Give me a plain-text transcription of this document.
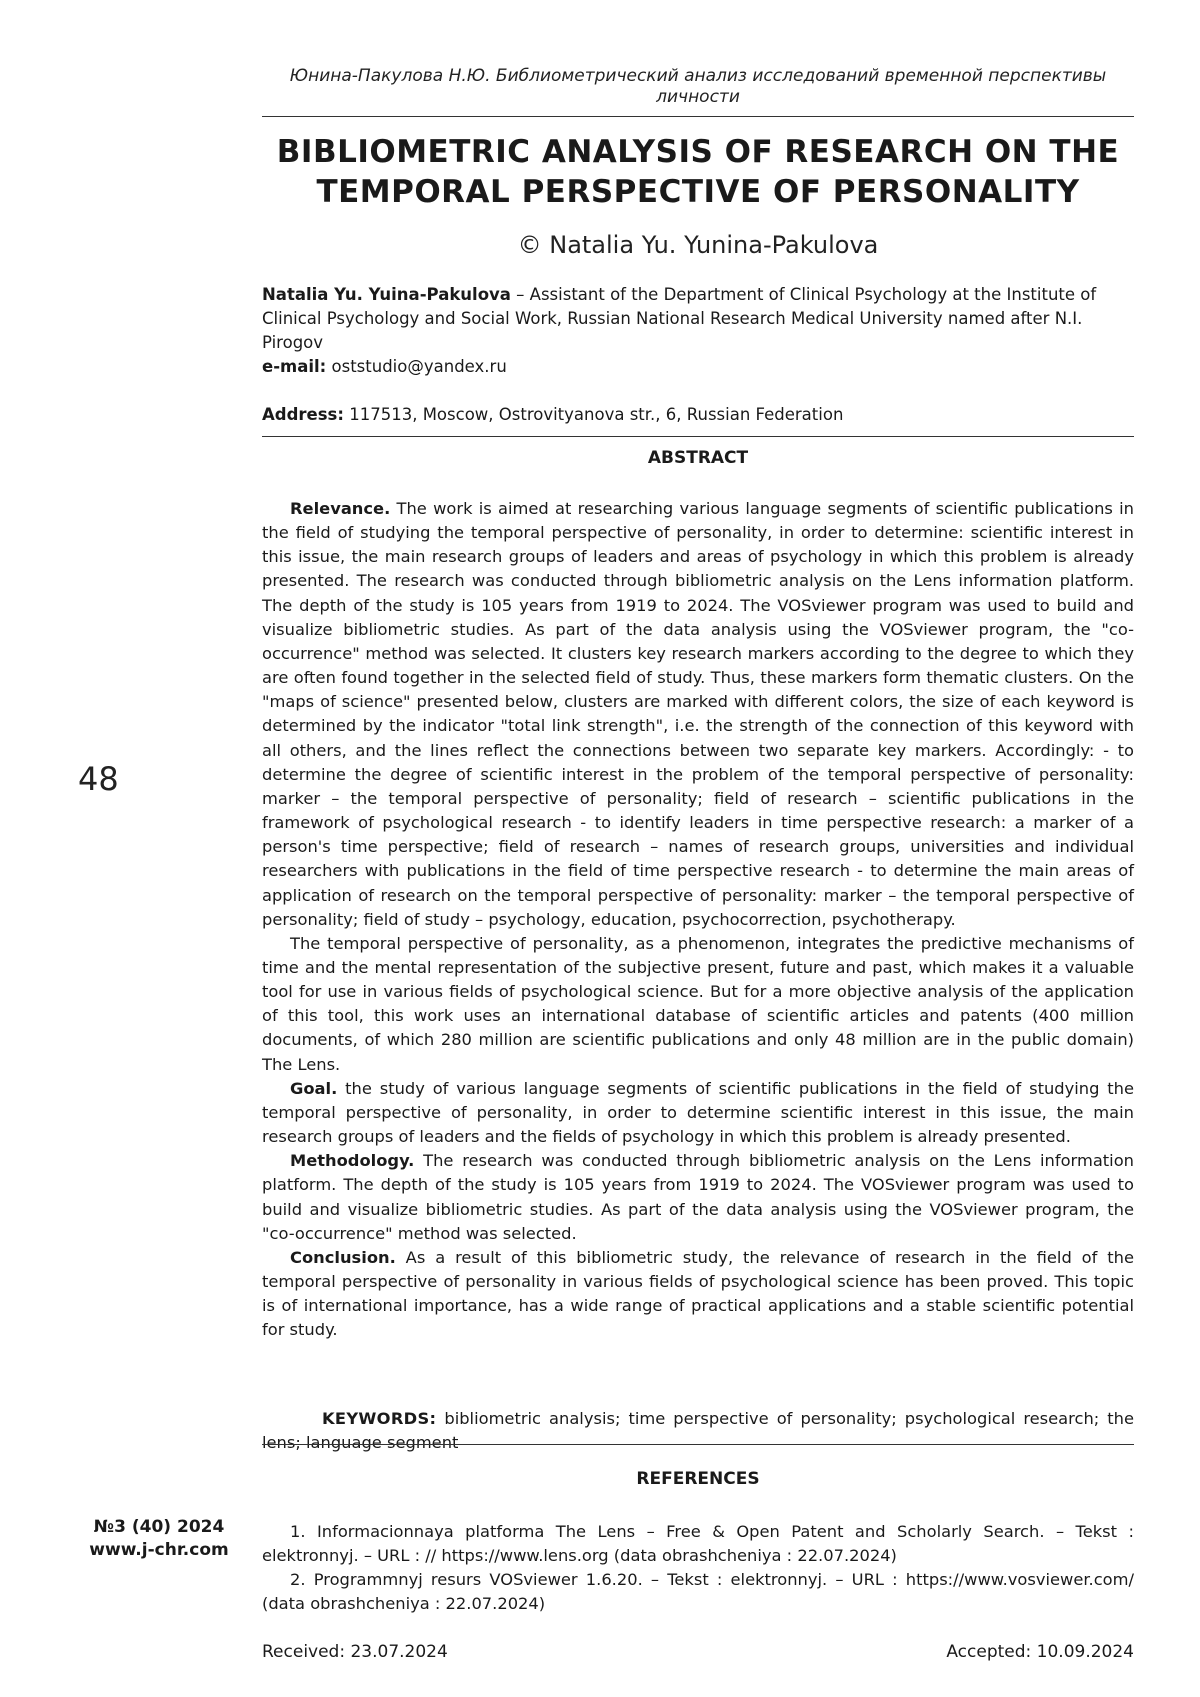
Юнина-Пакулова Н.Ю. Библиометрический анализ исследований временной перспективы
личности
BIBLIOMETRIC ANALYSIS OF RESEARCH ON THE
TEMPORAL PERSPECTIVE OF PERSONALITY
© Natalia Yu. Yunina-Pakulova
Natalia Yu. Yuina-Pakulova – Assistant of the Department of Clinical Psychology at the Institute of Clinical Psychology and Social Work, Russian National Research Medical University named after N.I. Pirogov
e-mail: oststudio@yandex.ru
Address: 117513, Moscow, Ostrovityanova str., 6, Russian Federation
ABSTRACT

Relevance. The work is aimed at researching various language segments of scientific publications in the field of studying the temporal perspective of personality, in order to determine: scientific interest in this issue, the main research groups of leaders and areas of psychology in which this problem is already presented. The research was conducted through bibliometric analysis on the Lens information platform. The depth of the study is 105 years from 1919 to 2024. The VOSviewer program was used to build and visualize bibliometric studies. As part of the data analysis using the VOSviewer program, the "co-occurrence" method was selected. It clusters key research markers according to the degree to which they are often found together in the selected field of study. Thus, these markers form thematic clusters. On the "maps of science" presented below, clusters are marked with different colors, the size of each keyword is determined by the indicator "total link strength", i.e. the strength of the connection of this keyword with all others, and the lines reflect the connections between two separate key markers. Accordingly: - to determine the degree of scientific interest in the problem of the temporal perspective of personality: marker – the temporal perspective of personality; field of research – scientific publications in the framework of psychological research - to identify leaders in time perspective research: a marker of a person's time perspective; field of research – names of research groups, universities and individual researchers with publications in the field of time perspective research - to determine the main areas of application of research on the temporal perspective of personality: marker – the temporal perspective of personality; field of study – psychology, education, psychocorrection, psychotherapy.

The temporal perspective of personality, as a phenomenon, integrates the predictive mechanisms of time and the mental representation of the subjective present, future and past, which makes it a valuable tool for use in various fields of psychological science. But for a more objective analysis of the application of this tool, this work uses an international database of scientific articles and patents (400 million documents, of which 280 million are scientific publications and only 48 million are in the public domain) The Lens.

Goal. the study of various language segments of scientific publications in the field of studying the temporal perspective of personality, in order to determine scientific interest in this issue, the main research groups of leaders and the fields of psychology in which this problem is already presented.

Methodology. The research was conducted through bibliometric analysis on the Lens information platform. The depth of the study is 105 years from 1919 to 2024. The VOSviewer program was used to build and visualize bibliometric studies. As part of the data analysis using the VOSviewer program, the "co-occurrence" method was selected.

Conclusion. As a result of this bibliometric study, the relevance of research in the field of the temporal perspective of personality in various fields of psychological science has been proved. This topic is of international importance, has a wide range of practical applications and a stable scientific potential for study.

KEYWORDS: bibliometric analysis; time perspective of personality; psychological research; the lens; language segment
REFERENCES

1. Informacionnaya platforma The Lens – Free & Open Patent and Scholarly Search. – Tekst : elektronnyj. – URL : // https://www.lens.org (data obrashcheniya : 22.07.2024)

2. Programmnyj resurs VOSviewer 1.6.20. – Tekst : elektronnyj. – URL : https://www.vosviewer.com/ (data obrashcheniya : 22.07.2024)

48
№3 (40) 2024
www.j-chr.com
Received: 23.07.2024	Accepted: 10.09.2024
